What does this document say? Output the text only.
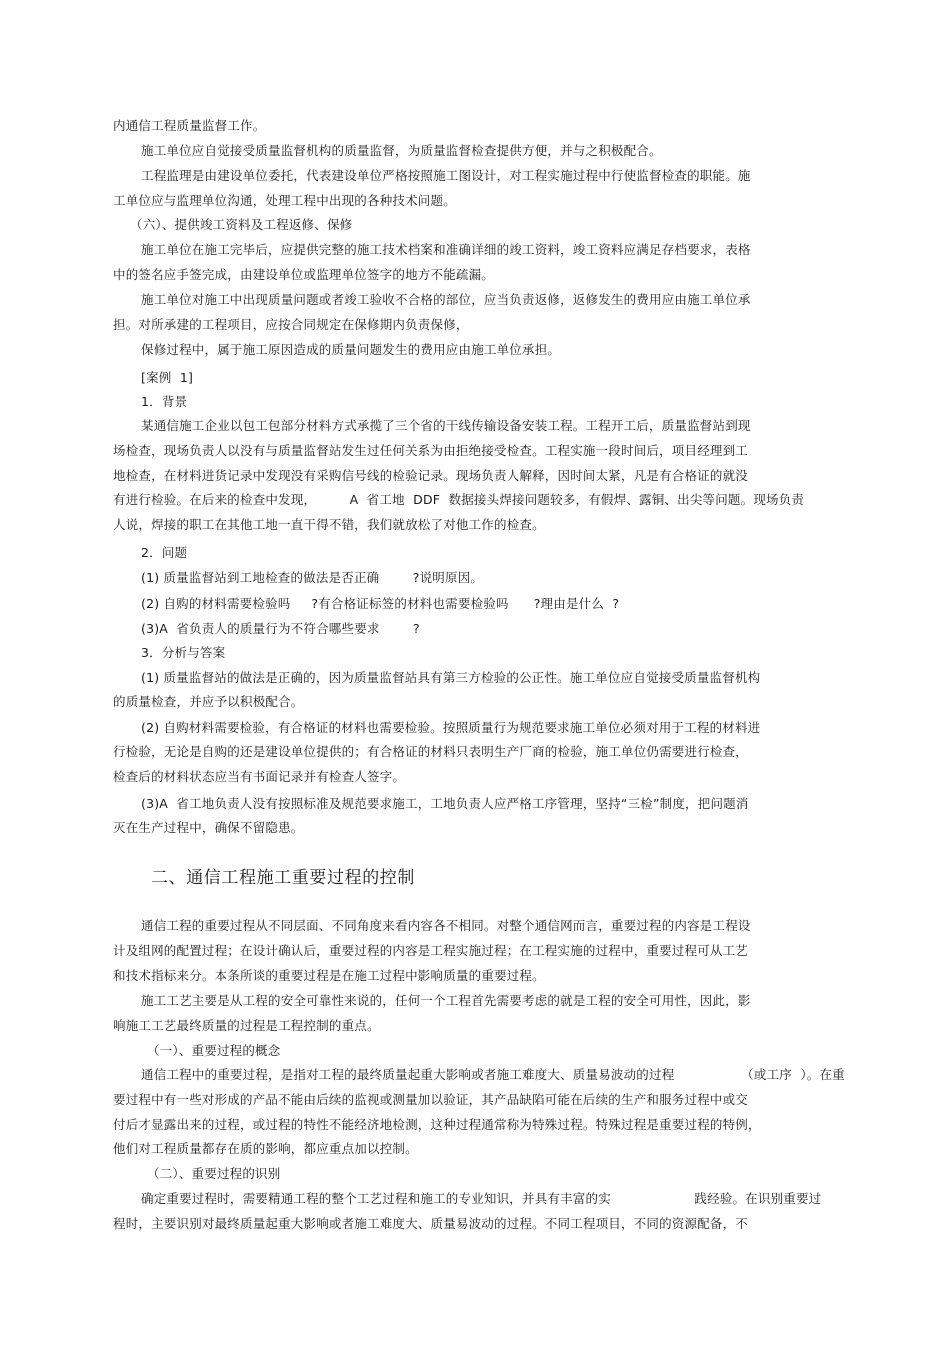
内通信工程质量监督工作。
施工单位应自觉接受质量监督机构的质量监督，为质量监督检查提供方便，并与之积极配合。
工程监理是由建设单位委托，代表建设单位严格按照施工图设计，对工程实施过程中行使监督检查的职能。施
工单位应与监理单位沟通，处理工程中出现的各种技术问题。
（六）、提供竣工资料及工程返修、保修
施工单位在施工完毕后，应提供完整的施工技术档案和准确详细的竣工资料，竣工资料应满足存档要求，表格
中的签名应手签完成，由建设单位或监理单位签字的地方不能疏漏。
施工单位对施工中出现质量问题或者竣工验收不合格的部位，应当负责返修，返修发生的费用应由施工单位承
担。对所承建的工程项目，应按合同规定在保修期内负责保修，
保修过程中，属于施工原因造成的质量问题发生的费用应由施工单位承担。
[案例  1]
1．背景
某通信施工企业以包工包部分材料方式承揽了三个省的干线传输设备安装工程。工程开工后，质量监督站到现
场检查，现场负责人以没有与质量监督站发生过任何关系为由拒绝接受检查。工程实施一段时间后，项目经理到工
地检查，在材料进货记录中发现没有采购信号线的检验记录。现场负责人解释，因时间太紧，凡是有合格证的就没
有进行检验。在后来的检查中发现，        A  省工地  DDF  数据接头焊接问题较多，有假焊、露铜、出尖等问题。现场负责
人说，焊接的职工在其他工地一直干得不错，我们就放松了对他工作的检查。
2．问题
(1) 质量监督站到工地检查的做法是否正确        ?说明原因。
(2) 自购的材料需要检验吗     ?有合格证标签的材料也需要检验吗      ?理由是什么  ?
(3)A  省负责人的质量行为不符合哪些要求        ?
3．分析与答案
(1) 质量监督站的做法是正确的，因为质量监督站具有第三方检验的公正性。施工单位应自觉接受质量监督机构
的质量检查，并应予以积极配合。
(2) 自购材料需要检验，有合格证的材料也需要检验。按照质量行为规范要求施工单位必须对用于工程的材料进
行检验，无论是自购的还是建设单位提供的；有合格证的材料只表明生产厂商的检验，施工单位仍需要进行检查，
检查后的材料状态应当有书面记录并有检查人签字。
(3)A  省工地负责人没有按照标准及规范要求施工，工地负责人应严格工序管理，坚持“三检”制度，把问题消
灭在生产过程中，确保不留隐患。
二、通信工程施工重要过程的控制
通信工程的重要过程从不同层面、不同角度来看内容各不相同。对整个通信网而言，重要过程的内容是工程设
计及组网的配置过程；在设计确认后，重要过程的内容是工程实施过程；在工程实施的过程中，重要过程可从工艺
和技术指标来分。本条所谈的重要过程是在施工过程中影响质量的重要过程。
施工工艺主要是从工程的安全可靠性来说的，任何一个工程首先需要考虑的就是工程的安全可用性，因此，影
响施工工艺最终质量的过程是工程控制的重点。
（一）、重要过程的概念
通信工程中的重要过程，是指对工程的最终质量起重大影响或者施工难度大、质量易波动的过程                （或工序  ）。在重
要过程中有一些对形成的产品不能由后续的监视或测量加以验证，其产品缺陷可能在后续的生产和服务过程中或交
付后才显露出来的过程，或过程的特性不能经济地检测，这种过程通常称为特殊过程。特殊过程是重要过程的特例，
他们对工程质量都存在质的影响，都应重点加以控制。
（二）、重要过程的识别
确定重要过程时，需要精通工程的整个工艺过程和施工的专业知识，并具有丰富的实                    践经验。在识别重要过
程时，主要识别对最终质量起重大影响或者施工难度大、质量易波动的过程。不同工程项目，不同的资源配备，不
